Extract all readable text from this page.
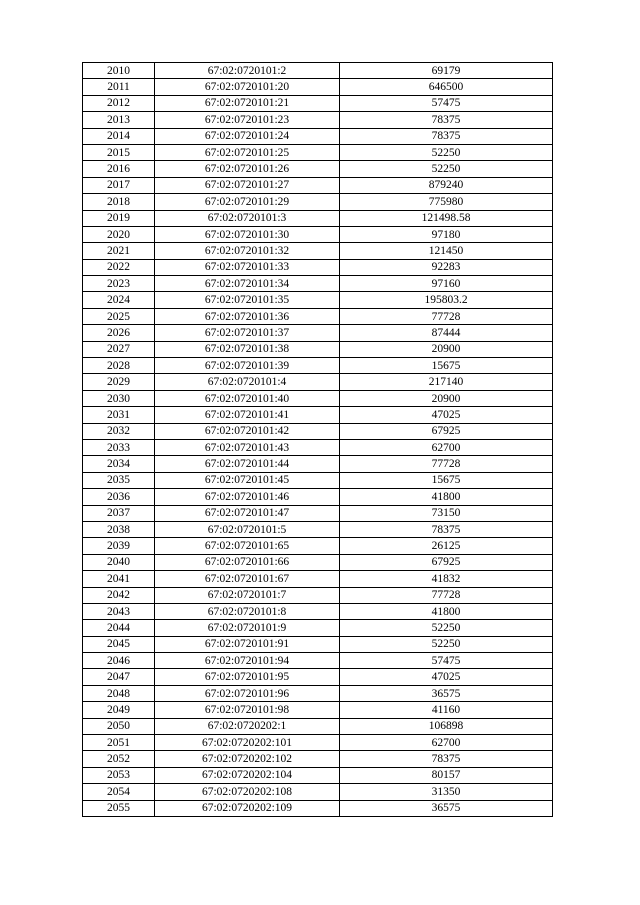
2010	67:02:0720101:2	69179
2011	67:02:0720101:20	646500
2012	67:02:0720101:21	57475
2013	67:02:0720101:23	78375
2014	67:02:0720101:24	78375
2015	67:02:0720101:25	52250
2016	67:02:0720101:26	52250
2017	67:02:0720101:27	879240
2018	67:02:0720101:29	775980
2019	67:02:0720101:3	121498.58
2020	67:02:0720101:30	97180
2021	67:02:0720101:32	121450
2022	67:02:0720101:33	92283
2023	67:02:0720101:34	97160
2024	67:02:0720101:35	195803.2
2025	67:02:0720101:36	77728
2026	67:02:0720101:37	87444
2027	67:02:0720101:38	20900
2028	67:02:0720101:39	15675
2029	67:02:0720101:4	217140
2030	67:02:0720101:40	20900
2031	67:02:0720101:41	47025
2032	67:02:0720101:42	67925
2033	67:02:0720101:43	62700
2034	67:02:0720101:44	77728
2035	67:02:0720101:45	15675
2036	67:02:0720101:46	41800
2037	67:02:0720101:47	73150
2038	67:02:0720101:5	78375
2039	67:02:0720101:65	26125
2040	67:02:0720101:66	67925
2041	67:02:0720101:67	41832
2042	67:02:0720101:7	77728
2043	67:02:0720101:8	41800
2044	67:02:0720101:9	52250
2045	67:02:0720101:91	52250
2046	67:02:0720101:94	57475
2047	67:02:0720101:95	47025
2048	67:02:0720101:96	36575
2049	67:02:0720101:98	41160
2050	67:02:0720202:1	106898
2051	67:02:0720202:101	62700
2052	67:02:0720202:102	78375
2053	67:02:0720202:104	80157
2054	67:02:0720202:108	31350
2055	67:02:0720202:109	36575
